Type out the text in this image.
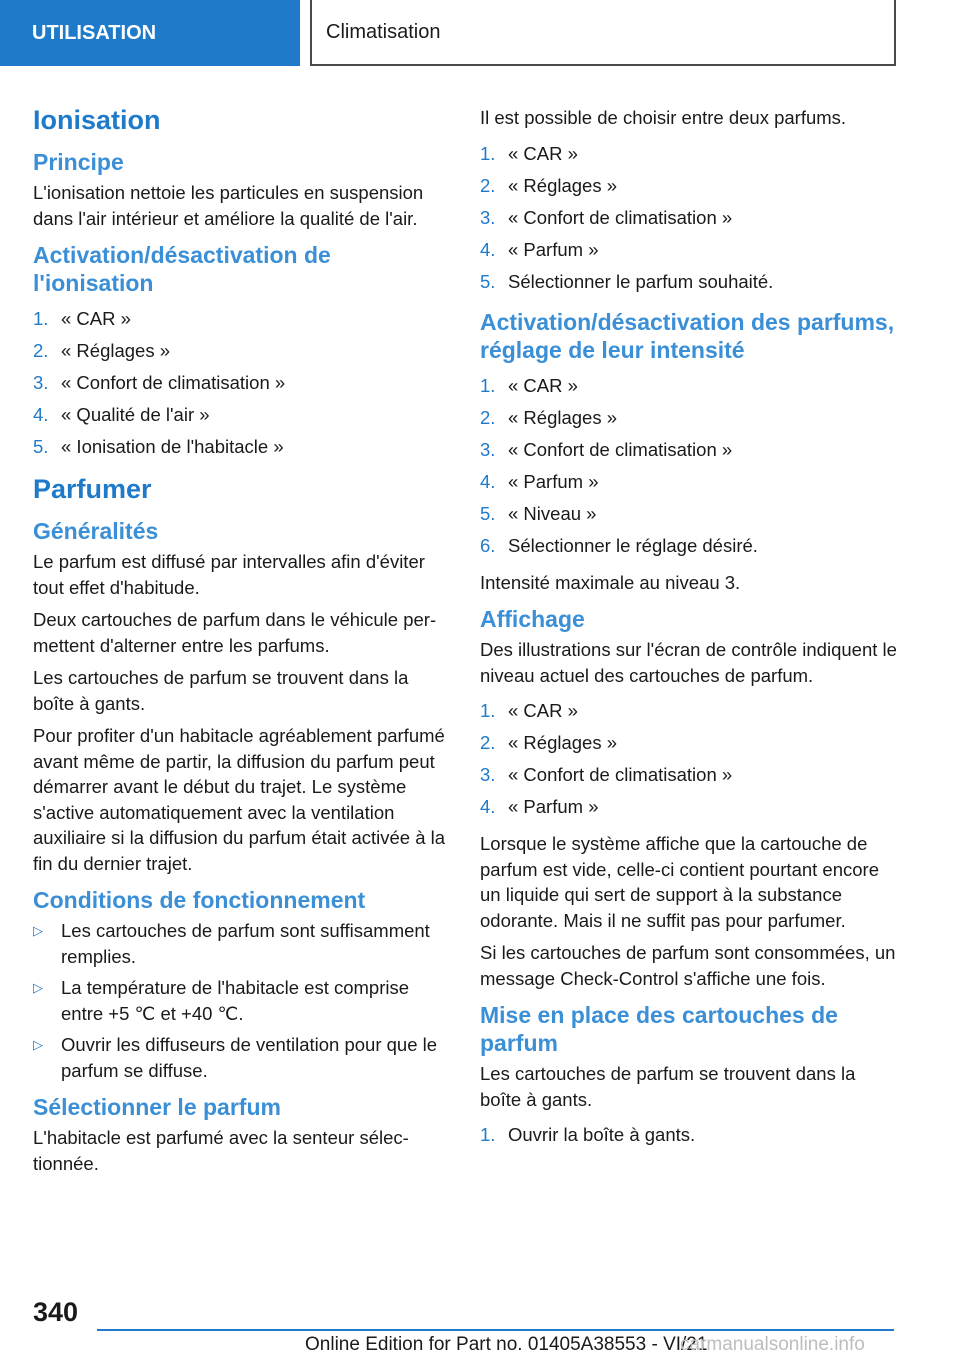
UTILISATION	Climatisation
Ionisation
Principe

L'ionisation nettoie les particules en suspension dans l'air intérieur et améliore la qualité de l'air.

Activation/désactivation de l'ionisation
1. « CAR »
2. « Réglages »
3. « Confort de climatisation »
4. « Qualité de l'air »
5. « Ionisation de l'habitacle »
Parfumer
Généralités

Le parfum est diffusé par intervalles afin d'éviter tout effet d'habitude.

Deux cartouches de parfum dans le véhicule permettent d'alterner entre les parfums.

Les cartouches de parfum se trouvent dans la boîte à gants.

Pour profiter d'un habitacle agréablement parfumé avant même de partir, la diffusion du parfum peut démarrer avant le début du trajet. Le système s'active automatiquement avec la ventilation auxiliaire si la diffusion du parfum était activée à la fin du dernier trajet.

Conditions de fonctionnement
▷ Les cartouches de parfum sont suffisamment remplies.
▷ La température de l'habitacle est comprise entre +5 ℃ et +40 ℃.
▷ Ouvrir les diffuseurs de ventilation pour que le parfum se diffuse.
Sélectionner le parfum

L'habitacle est parfumé avec la senteur sélectionnée.

Il est possible de choisir entre deux parfums.

1. « CAR »
2. « Réglages »
3. « Confort de climatisation »
4. « Parfum »
5. Sélectionner le parfum souhaité.
Activation/désactivation des parfums, réglage de leur intensité
1. « CAR »
2. « Réglages »
3. « Confort de climatisation »
4. « Parfum »
5. « Niveau »
6. Sélectionner le réglage désiré.

Intensité maximale au niveau 3.

Affichage

Des illustrations sur l'écran de contrôle indiquent le niveau actuel des cartouches de parfum.

1. « CAR »
2. « Réglages »
3. « Confort de climatisation »
4. « Parfum »

Lorsque le système affiche que la cartouche de parfum est vide, celle-ci contient pourtant encore un liquide qui sert de support à la substance odorante. Mais il ne suffit pas pour parfumer.

Si les cartouches de parfum sont consommées, un message Check-Control s'affiche une fois.

Mise en place des cartouches de parfum

Les cartouches de parfum se trouvent dans la boîte à gants.

1. Ouvrir la boîte à gants.
340
Online Edition for Part no. 01405A38553 - VI/21
carmanualsonline.info
